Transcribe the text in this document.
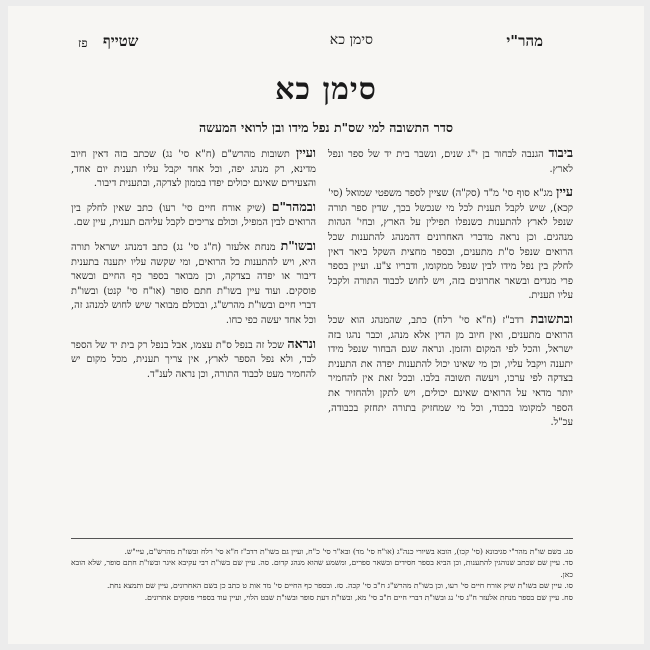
מהר"י
סימן כא
שטייף
פז
סימן כא
סדר התשובה למי שס"ת נפל מידו ובן לרואי המעשה

ביבוד הגנבה לבחור בן י"ג שנים, ונשבר בית יד של ספר ונפל לארץ.

עיין מג"א סוף סי' מ"ד (סק"ה) שציין לספר משפטי שמואל (סי' קכא), שיש לקבל תענית לכל מי שנכשל בכך, שדין ספר תורה שנפל לארץ להתענות כשנפלו תפילין על הארץ, ובחי' הגהות מנהגים. וכן נראה מדברי האחרונים דהמנהג להתענות שכל הרואים שנפל ס"ת מתענים, ובספר מחצית השקל ביאר דאין לחלק בין נפל מידו לבין שנפל ממקומו, ודבריו צ"ע. ועיין בספר פרי מגדים ובשאר אחרונים בזה, ויש לחוש לכבוד התורה ולקבל עליו תענית.

ובתשובת רדב"ז (ח"א סי' רלח) כתב, שהמנהג הוא שכל הרואים מתענים, ואין חיוב מן הדין אלא מנהג, וכבר נהגו בזה ישראל, והכל לפי המקום והזמן. ונראה שגם הבחור שנפל מידו יתענה ויקבל עליו, וכן מי שאינו יכול להתענות יפדה את התענית בצדקה לפי ערכו, ויעשה תשובה בלבו. ובכל זאת אין להחמיר יותר מדאי על הרואים שאינם יכולים, ויש לתקן ולהחזיר את הספר למקומו בכבוד, וכל מי שמחזיק בתורה יתחזק בכבודה, עכ"ל.

ועיין תשובות מהרש"ם (ח"א סי' נג) שכתב בזה דאין חיוב מדינא, רק מנהג יפה, וכל אחד יקבל עליו תענית יום אחד, והצעירים שאינם יכולים יפדו בממון לצדקה, ובתענית דיבור.

ובמהר"ם (שיק אורח חיים סי' רעו) כתב שאין לחלק בין הרואים לבין המפיל, וכולם צריכים לקבל עליהם תענית, עיין שם.

ובשו"ת מנחת אלעזר (ח"ג סי' נג) כתב דמנהג ישראל תורה היא, ויש להתענות כל הרואים, ומי שקשה עליו יתענה בתענית דיבור או יפדה בצדקה, וכן מבואר בספר כף החיים ובשאר פוסקים. ועוד עיין בשו"ת חתם סופר (או"ח סי' קנט) ובשו"ת דברי חיים ובשו"ת מהרש"ג, ובכולם מבואר שיש לחוש למנהג זה, וכל אחד יעשה כפי כחו.

ונראה שכל זה בנפל ס"ת עצמו, אבל בנפל רק בית יד של הספר לבד, ולא נפל הספר לארץ, אין צריך תענית, מכל מקום יש להחמיר מעט לכבוד התורה, וכן נראה לענ"ד.

סג. בשם שו"ת מהר"י סגיבונא (סי' קכו), הובא בשיורי כנה"ג (או"ח סי' מד) ובא"ר סי' כ"ח, ועיין גם בשו"ת רדב"ז ח"א סי' רלח ובשו"ת מהרש"ם, עיי"ש.

סד. עיין שם שכתב שנוהגין להתענות, וכן הביא בספר חסידים ובשאר ספרים, ומשמע שהוא מנהג קדום. סה. עיין שם בשו"ת רבי עקיבא איגר ובשו"ת חתם סופר, שלא הובא כאן.

סו. עיין שם בשו"ת שיק אורח חיים סי' רעו, וכן בשו"ת מהרש"ג ח"ב סי' קכה. סז. ובספר כף החיים סי' מד אות ט כתב כן בשם האחרונים, עיין שם ותמצא נחת.

סח. עיין שם בספר מנחת אלעזר ח"ג סי' נג ובשו"ת דברי חיים ח"ב סי' מא, ובשו"ת דעת סופר ובשו"ת שבט הלוי, ועיין עוד בספרי פוסקים אחרונים.
